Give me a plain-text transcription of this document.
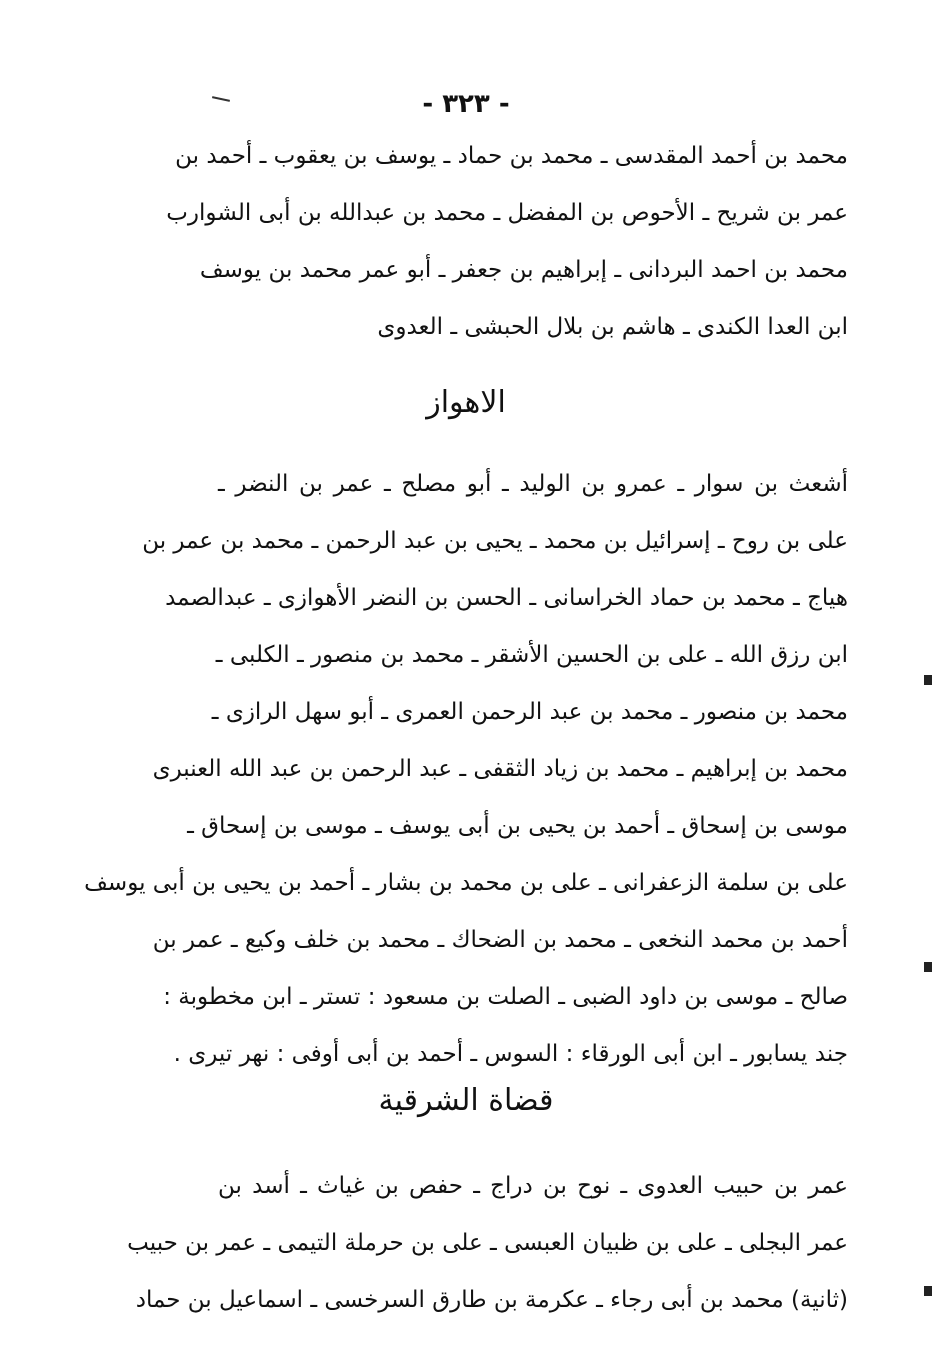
- ٣٢٣ -
محمد بن أحمد المقدسى ـ محمد بن حماد ـ يوسف بن يعقوب ـ أحمد بن
عمر بن شريح ـ الأحوص بن المفضل ـ محمد بن عبدالله بن أبى الشوارب
محمد بن احمد البردانى ـ إبراهيم بن جعفر ـ أبو عمر محمد بن يوسف
ابن العدا الكندى ـ هاشم بن بلال الحبشى ـ العدوى
الاهواز
أشعث بن سوار ـ عمرو بن الوليد ـ أبو مصلح ـ عمر بن النضر ـ
على بن روح ـ إسرائيل بن محمد ـ يحيى بن عبد الرحمن ـ محمد بن عمر بن
هياج ـ محمد بن حماد الخراسانى ـ الحسن بن النضر الأهوازى ـ عبدالصمد
ابن رزق الله ـ على بن الحسين الأشقر ـ محمد بن منصور ـ الكلبى ـ
محمد بن منصور ـ محمد بن عبد الرحمن العمرى ـ أبو سهل الرازى ـ
محمد بن إبراهيم ـ محمد بن زياد الثقفى ـ عبد الرحمن بن عبد الله العنبرى
موسى بن إسحاق ـ أحمد بن يحيى بن أبى يوسف ـ موسى بن إسحاق ـ
على بن سلمة الزعفرانى ـ على بن محمد بن بشار ـ أحمد بن يحيى بن أبى يوسف
أحمد بن محمد النخعى ـ محمد بن الضحاك ـ محمد بن خلف وكيع ـ عمر بن
صالح ـ موسى بن داود الضبى ـ الصلت بن مسعود : تستر ـ ابن مخطوبة :
جند يسابور ـ ابن أبى الورقاء : السوس ـ أحمد بن أبى أوفى : نهر تيرى .
قضاة الشرقية
عمر بن حبيب العدوى ـ نوح بن دراج ـ حفص بن غياث ـ أسد بن
عمر البجلى ـ على بن ظبيان العبسى ـ على بن حرملة التيمى ـ عمر بن حبيب
(ثانية) محمد بن أبى رجاء ـ عكرمة بن طارق السرخسى ـ اسماعيل بن حماد
